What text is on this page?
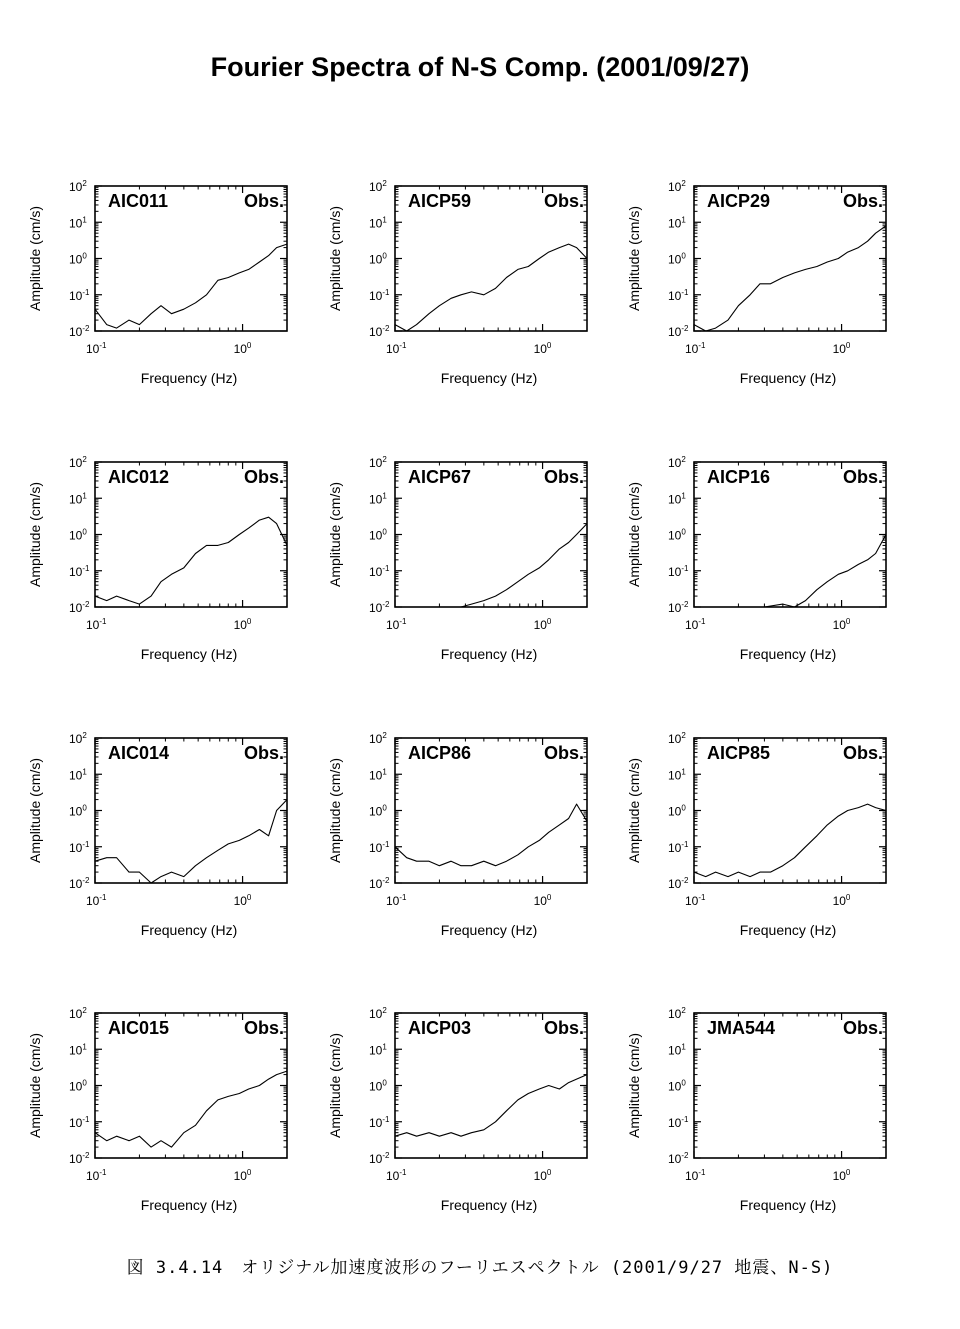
Fourier Spectra of N-S Comp. (2001/09/27)
$10^2$
$10^1$
$10^0$
$10^{-1}$
$10^{-2}$
$10^{-1}$	$10^0$
Frequency (Hz)
Amplitude (cm/s)
AIC011	Obs.
$10^2$
$10^1$
$10^0$
$10^{-1}$
$10^{-2}$
$10^{-1}$	$10^0$
Frequency (Hz)
Amplitude (cm/s)
AICP59	Obs.
$10^2$
$10^1$
$10^0$
$10^{-1}$
$10^{-2}$
$10^{-1}$	$10^0$
Frequency (Hz)
Amplitude (cm/s)
AICP29	Obs.
$10^2$
$10^1$
$10^0$
$10^{-1}$
$10^{-2}$
$10^{-1}$	$10^0$
Frequency (Hz)
Amplitude (cm/s)
AIC012	Obs.
$10^2$
$10^1$
$10^0$
$10^{-1}$
$10^{-2}$
$10^{-1}$	$10^0$
Frequency (Hz)
Amplitude (cm/s)
AICP67	Obs.
$10^2$
$10^1$
$10^0$
$10^{-1}$
$10^{-2}$
$10^{-1}$	$10^0$
Frequency (Hz)
Amplitude (cm/s)
AICP16	Obs.
$10^2$
$10^1$
$10^0$
$10^{-1}$
$10^{-2}$
$10^{-1}$	$10^0$
Frequency (Hz)
Amplitude (cm/s)
AIC014	Obs.
$10^2$
$10^1$
$10^0$
$10^{-1}$
$10^{-2}$
$10^{-1}$	$10^0$
Frequency (Hz)
Amplitude (cm/s)
AICP86	Obs.
$10^2$
$10^1$
$10^0$
$10^{-1}$
$10^{-2}$
$10^{-1}$	$10^0$
Frequency (Hz)
Amplitude (cm/s)
AICP85	Obs.
$10^2$
$10^1$
$10^0$
$10^{-1}$
$10^{-2}$
$10^{-1}$	$10^0$
Frequency (Hz)
Amplitude (cm/s)
AIC015	Obs.
$10^2$
$10^1$
$10^0$
$10^{-1}$
$10^{-2}$
$10^{-1}$	$10^0$
Frequency (Hz)
Amplitude (cm/s)
AICP03	Obs.
$10^2$
$10^1$
$10^0$
$10^{-1}$
$10^{-2}$
$10^{-1}$	$10^0$
Frequency (Hz)
Amplitude (cm/s)
JMA544	Obs.
図 3.4.14　オリジナル加速度波形のフーリエスペクトル (2001/9/27 地震、N-S)
